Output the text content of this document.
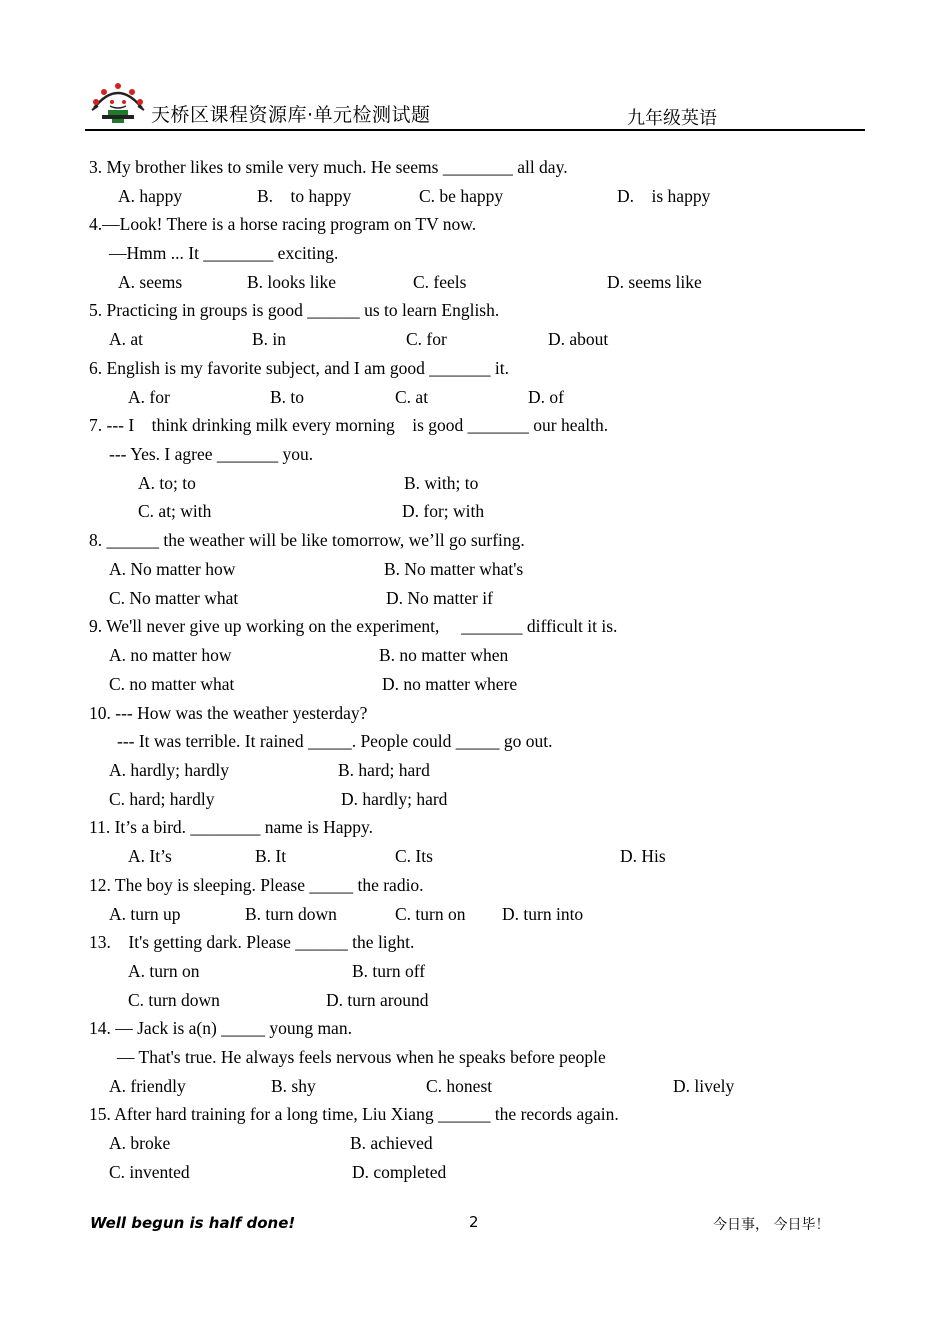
天桥区课程资源库·单元检测试题	九年级英语
3. My brother likes to smile very much. He seems ________ all day.
A. happy	B.    to happy	C. be happy	D.    is happy
4.—Look! There is a horse racing program on TV now.
—Hmm ... It ________ exciting.
A. seems	B. looks like	C. feels	D. seems like
5. Practicing in groups is good ______ us to learn English.
A. at	B. in	C. for	D. about
6. English is my favorite subject, and I am good _______ it.
A. for	B. to	C. at	D. of
7. --- I    think drinking milk every morning    is good _______ our health.
--- Yes. I agree _______ you.
A. to; to	B. with; to
C. at; with	D. for; with
8. ______ the weather will be like tomorrow, we’ll go surfing.
A. No matter how	B. No matter what's
C. No matter what	D. No matter if
9. We'll never give up working on the experiment,     _______ difficult it is.
A. no matter how	B. no matter when
C. no matter what	D. no matter where
10. --- How was the weather yesterday?
--- It was terrible. It rained _____. People could _____ go out.
A. hardly; hardly	B. hard; hard
C. hard; hardly	D. hardly; hard
11. It’s a bird. ________ name is Happy.
A. It’s	B. It	C. Its	D. His
12. The boy is sleeping. Please _____ the radio.
A. turn up	B. turn down	C. turn on D. turn into
13.    It's getting dark. Please ______ the light.
A. turn on	B. turn off
C. turn down	D. turn around
14. — Jack is a(n) _____ young man.
— That's true. He always feels nervous when he speaks before people
A. friendly	B. shy	C. honest	D. lively
15. After hard training for a long time, Liu Xiang ______ the records again.
A. broke	B. achieved
C. invented	D. completed
Well begun is half done!	2	今日事， 今日毕！
